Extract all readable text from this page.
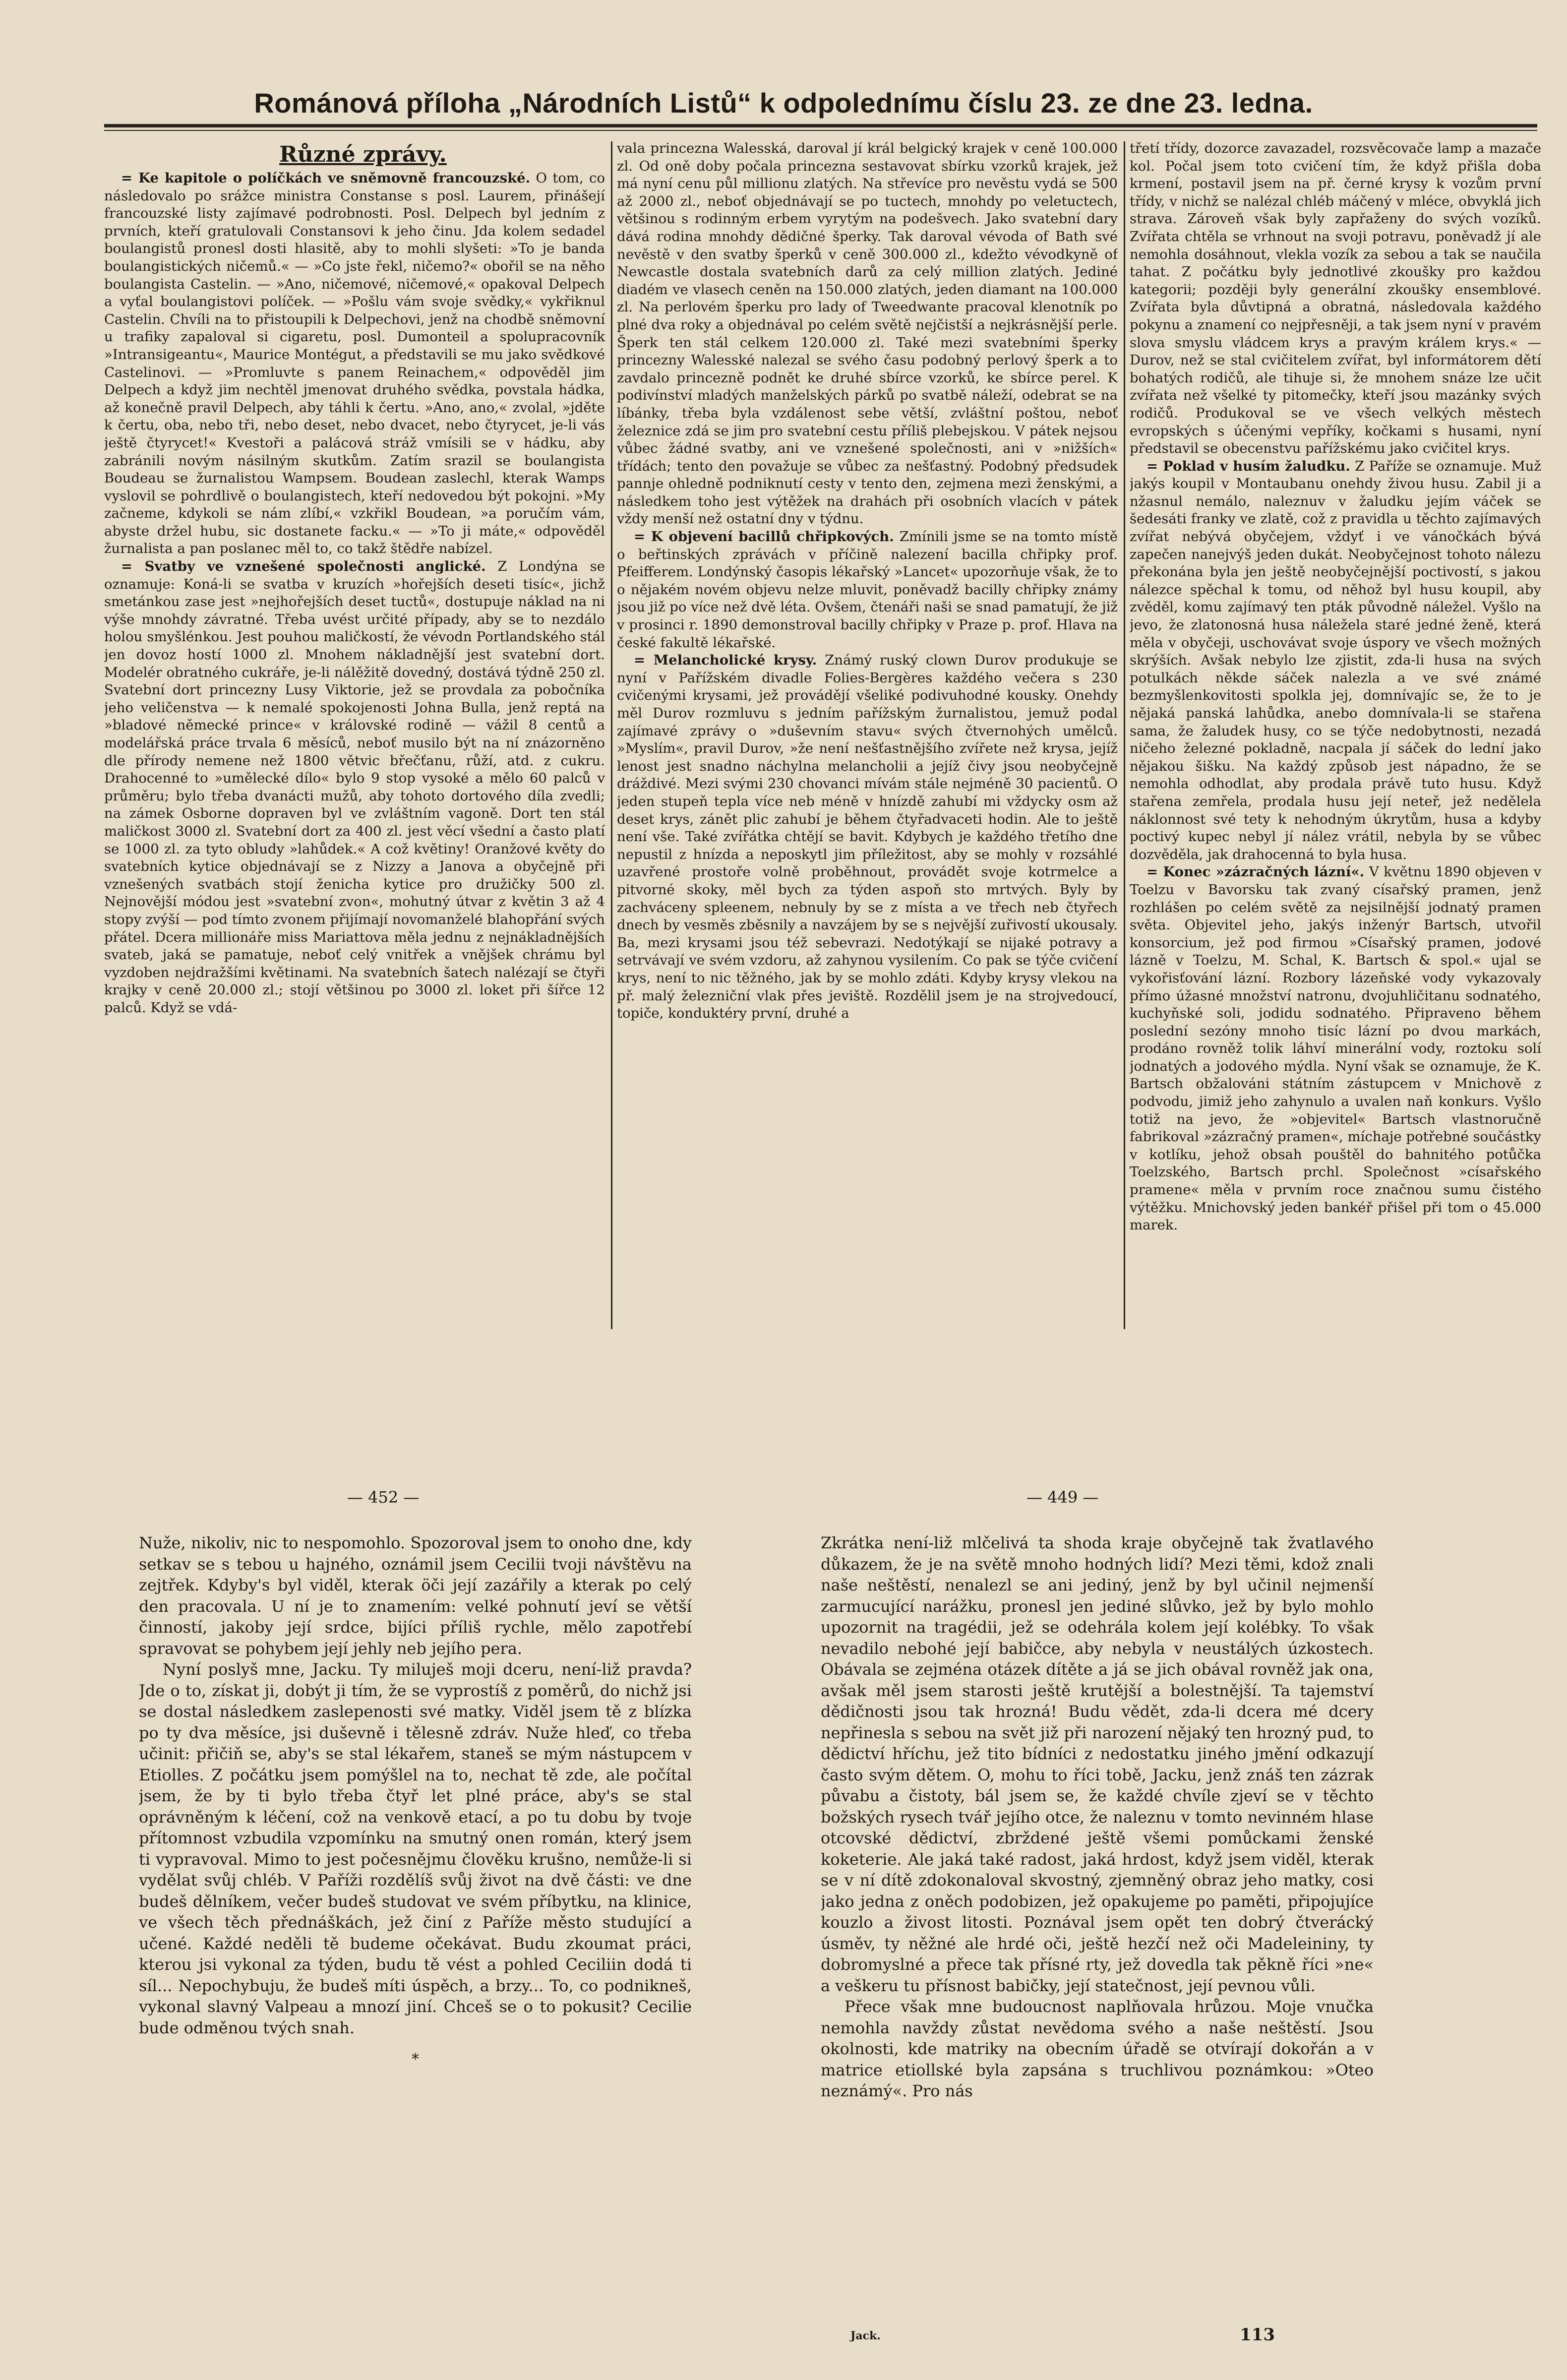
Románová příloha „Národních Listů“ k odpolednímu číslu 23. ze dne 23. ledna.

Různé zprávy.

= Ke kapitole o políčkách ve sněmovně francouzské. O tom, co následovalo po srážce ministra Constanse s posl. Laurem, přinášejí francouzské listy zajímavé podrobnosti. Posl. Delpech byl jedním z prvních, kteří gratulovali Constansovi k jeho činu. Jda kolem sedadel boulangistů pronesl dosti hlasitě, aby to mohli slyšeti: »To je banda boulangistických ničemů.« — »Co jste řekl, ničemo?« obořil se na něho boulangista Castelin. — »Ano, ničemové, ničemové,« opakoval Delpech a vyťal boulangistovi políček. — »Pošlu vám svoje svědky,« vykřiknul Castelin. Chvíli na to přistoupili k Delpechovi, jenž na chodbě sněmovní u trafiky zapaloval si cigaretu, posl. Dumonteil a spolupracovník »Intransigeantu«, Maurice Montégut, a představili se mu jako svědkové Castelinovi. — »Promluvte s panem Reinachem,« odpověděl jim Delpech a když jim nechtěl jmenovat druhého svědka, povstala hádka, až konečně pravil Delpech, aby táhli k čertu. »Ano, ano,« zvolal, »jděte k čertu, oba, nebo tři, nebo deset, nebo dvacet, nebo čtyrycet, je-li vás ještě čtyrycet!« Kvestoři a palácová stráž vmísili se v hádku, aby zabránili novým násilným skutkům. Zatím srazil se boulangista Boudeau se žurnalistou Wampsem. Boudean zaslechl, kterak Wamps vyslovil se pohrdlivě o boulangistech, kteří nedovedou být pokojni. »My začneme, kdykoli se nám zlíbí,« vzkřikl Boudean, »a poručím vám, abyste držel hubu, sic dostanete facku.« — »To ji máte,« odpověděl žurnalista a pan poslanec měl to, co takž štědře nabízel.

= Svatby ve vznešené společnosti anglické. Z Londýna se oznamuje: Koná-li se svatba v kruzích »hořejších deseti tisíc«, jichž smetánkou zase jest »nejhořejších deset tuctů«, dostupuje náklad na ni výše mnohdy závratné. Třeba uvést určité případy, aby se to nezdálo holou smyšlénkou. Jest pouhou maličkostí, že vévodn Portlandského stál jen dovoz hostí 1000 zl. Mnohem nákladnější jest svatební dort. Modelér obratného cukráře, je-li nálěžitě dovedný, dostává týdně 250 zl. Svatební dort princezny Lusy Viktorie, jež se provdala za pobočníka jeho veličenstva — k nemalé spokojenosti Johna Bulla, jenž reptá na »bladové německé prince« v královské rodině — vážil 8 centů a modelářská práce trvala 6 měsíců, neboť musilo být na ní znázorněno dle přírody nemene než 1800 větvic břečťanu, růží, atd. z cukru. Drahocenné to »umělecké dílo« bylo 9 stop vysoké a mělo 60 palců v průměru; bylo třeba dvanácti mužů, aby tohoto dortového díla zvedli; na zámek Osborne dopraven byl ve zvláštním vagoně. Dort ten stál maličkost 3000 zl. Svatební dort za 400 zl. jest věcí všední a často platí se 1000 zl. za tyto obludy »lahůdek.« A což květiny! Oranžové květy do svatebních kytice objednávají se z Nizzy a Janova a obyčejně při vznešených svatbách stojí ženicha kytice pro družičky 500 zl. Nejnovější módou jest »svatební zvon«, mohutný útvar z květin 3 až 4 stopy zvýší — pod tímto zvonem přijímají novomanželé blahopřání svých přátel. Dcera millionáře miss Mariattova měla jednu z nejnákladnějších svateb, jaká se pamatuje, neboť celý vnitřek a vnějšek chrámu byl vyzdoben nejdražšími květinami. Na svatebních šatech nalézají se čtyři krajky v ceně 20.000 zl.; stojí většinou po 3000 zl. loket při šířce 12 palců. Když se vdá-

vala princezna Walesská, daroval jí král belgický krajek v ceně 100.000 zl. Od oně doby počala princezna sestavovat sbírku vzorků krajek, jež má nyní cenu půl millionu zlatých. Na střevíce pro nevěstu vydá se 500 až 2000 zl., neboť objednávají se po tuctech, mnohdy po veletuctech, většinou s rodinným erbem vyrytým na podešvech. Jako svatební dary dává rodina mnohdy dědičné šperky. Tak daroval vévoda of Bath své nevěstě v den svatby šperků v ceně 300.000 zl., kdežto vévodkyně of Newcastle dostala svatebních darů za celý million zlatých. Jediné diadém ve vlasech ceněn na 150.000 zlatých, jeden diamant na 100.000 zl. Na perlovém šperku pro lady of Tweedwante pracoval klenotník po plné dva roky a objednával po celém světě nejčistší a nejkrásnější perle. Šperk ten stál celkem 120.000 zl. Také mezi svatebními šperky princezny Walesské nalezal se svého času podobný perlový šperk a to zavdalo princezně podnět ke druhé sbírce vzorků, ke sbírce perel. K podivínství mladých manželských párků po svatbě náleží, odebrat se na líbánky, třeba byla vzdálenost sebe větší, zvláštní poštou, neboť železnice zdá se jim pro svatební cestu příliš plebejskou. V pátek nejsou vůbec žádné svatby, ani ve vznešené společnosti, ani v »nižších« třídách; tento den považuje se vůbec za nešťastný. Podobný předsudek pannje ohledně podniknutí cesty v tento den, zejmena mezi ženskými, a následkem toho jest výtěžek na drahách při osobních vlacích v pátek vždy menší než ostatní dny v týdnu.

= K objevení bacillů chřipkových. Zmínili jsme se na tomto místě o beřtinských zprávách v příčině nalezení bacilla chřipky prof. Pfeifferem. Londýnský časopis lékařský »Lancet« upozorňuje však, že to o nějakém novém objevu nelze mluvit, poněvadž bacilly chřipky známy jsou již po více než dvě léta. Ovšem, čtenáři naši se snad pamatují, že již v prosinci r. 1890 demonstroval bacilly chřipky v Praze p. prof. Hlava na české fakultě lékařské.

= Melancholické krysy. Známý ruský clown Durov produkuje se nyní v Pařížském divadle Folies-Bergères každého večera s 230 cvičenými krysami, jež provádějí všeliké podivuhodné kousky. Onehdy měl Durov rozmluvu s jedním pařížským žurnalistou, jemuž podal zajímavé zprávy o »duševním stavu« svých čtvernohých umělců. »Myslím«, pravil Durov, »že není nešťastnějšího zvířete než krysa, jejíž lenost jest snadno náchylna melancholii a jejíž čivy jsou neobyčejně dráždivé. Mezi svými 230 chovanci mívám stále nejméně 30 pacientů. O jeden stupeň tepla více neb méně v hnízdě zahubí mi vždycky osm až deset krys, zánět plic zahubí je během čtyřadvaceti hodin. Ale to ještě není vše. Také zvířátka chtějí se bavit. Kdybych je každého třetího dne nepustil z hnízda a neposkytl jim příležitost, aby se mohly v rozsáhlé uzavřené prostoře volně proběhnout, provádět svoje kotrmelce a pitvorné skoky, měl bych za týden aspoň sto mrtvých. Byly by zachváceny spleenem, nebnuly by se z místa a ve třech neb čtyřech dnech by vesměs zběsnily a navzájem by se s nejvější zuřivostí ukousaly. Ba, mezi krysami jsou též sebevrazi. Nedotýkají se nijaké potravy a setrvávají ve svém vzdoru, až zahynou vysilením. Co pak se týče cvičení krys, není to nic těžného, jak by se mohlo zdáti. Kdyby krysy vlekou na př. malý železniční vlak přes jeviště. Rozdělil jsem je na strojvedoucí, topiče, konduktéry první, druhé a

třetí třídy, dozorce zavazadel, rozsvěcovače lamp a mazače kol. Počal jsem toto cvičení tím, že když přišla doba krmení, postavil jsem na př. černé krysy k vozům první třídy, v nichž se nalézal chléb máčený v mléce, obvyklá jich strava. Zároveň však byly zapřaženy do svých vozíků. Zvířata chtěla se vrhnout na svoji potravu, poněvadž jí ale nemohla dosáhnout, vlekla vozík za sebou a tak se naučila tahat. Z počátku byly jednotlivé zkoušky pro každou kategorii; později byly generální zkoušky ensemblové. Zvířata byla důvtipná a obratná, následovala každého pokynu a znamení co nejpřesněji, a tak jsem nyní v pravém slova smyslu vládcem krys a pravým králem krys.« — Durov, než se stal cvičitelem zvířat, byl informátorem dětí bohatých rodičů, ale tihuje si, že mnohem snáze lze učit zvířata než všelké ty pitomečky, kteří jsou mazánky svých rodičů. Produkoval se ve všech velkých městech evropských s účenými vepříky, kočkami s husami, nyní představil se obecenstvu pařížskému jako cvičitel krys.

= Poklad v husím žaludku. Z Paříže se oznamuje. Muž jakýs koupil v Montaubanu onehdy živou husu. Zabil ji a nžasnul nemálo, naleznuv v žaludku jejím váček se šedesáti franky ve zlatě, což z pravidla u těchto zajímavých zvířat nebývá obyčejem, vždyť i ve vánočkách bývá zapečen nanejvýš jeden dukát. Neobyčejnost tohoto nálezu překonána byla jen ještě neobyčejnější poctivostí, s jakou nálezce spěchal k tomu, od něhož byl husu koupil, aby zvěděl, komu zajímavý ten pták původně náležel. Vyšlo na jevo, že zlatonosná husa náležela staré jedné ženě, která měla v obyčeji, uschovávat svoje úspory ve všech možných skrýších. Avšak nebylo lze zjistit, zda-li husa na svých potulkách někde sáček nalezla a ve své známé bezmyšlenkovitosti spolkla jej, domnívajíc se, že to je nějaká panská lahůdka, anebo domnívala-li se stařena sama, že žaludek husy, co se týče nedobytnosti, nezadá ničeho železné pokladně, nacpala jí sáček do lední jako nějakou šišku. Na každý způsob jest nápadno, že se nemohla odhodlat, aby prodala právě tuto husu. Když stařena zemřela, prodala husu její neteř, jež nedělela náklonnost své tety k nehodným úkrytům, husa a kdyby poctivý kupec nebyl jí nález vrátil, nebyla by se vůbec dozvěděla, jak drahocenná to byla husa.

= Konec »zázračných lázní«. V květnu 1890 objeven v Toelzu v Bavorsku tak zvaný císařský pramen, jenž rozhlášen po celém světě za nejsilnější jodnatý pramen světa. Objevitel jeho, jakýs inženýr Bartsch, utvořil konsorcium, jež pod firmou »Císařský pramen, jodové lázně v Toelzu, M. Schal, K. Bartsch & spol.« ujal se vykořisťování lázní. Rozbory lázeňské vody vykazovaly přímo úžasné množství natronu, dvojuhličitanu sodnatého, kuchyňské soli, jodidu sodnatého. Připraveno během poslední sezóny mnoho tisíc lázní po dvou markách, prodáno rovněž tolik láhví minerální vody, roztoku solí jodnatých a jodového mýdla. Nyní však se oznamuje, že K. Bartsch obžalováni státním zástupcem v Mnichově z podvodu, jimiž jeho zahynulo a uvalen naň konkurs. Vyšlo totiž na jevo, že »objevitel« Bartsch vlastnoručně fabrikoval »zázračný pramen«, míchaje potřebné součástky v kotlíku, jehož obsah pouštěl do bahnitého potůčka Toelzského, Bartsch prchl. Společnost »císařského pramene« měla v prvním roce značnou sumu čistého výtěžku. Mnichovský jeden bankéř přišel při tom o 45.000 marek.

— 452 —	— 449 —

Nuže, nikoliv, nic to nespomohlo. Spozoroval jsem to onoho dne, kdy setkav se s tebou u hajného, oznámil jsem Cecilii tvoji návštěvu na zejtřek. Kdyby's byl viděl, kterak öči její zazářily a kterak po celý den pracovala. U ní je to znamením: velké pohnutí jeví se větší činností, jakoby její srdce, bijíci příliš rychle, mělo zapotřebí spravovat se pohybem její jehly neb jejího pera.

Nyní poslyš mne, Jacku. Ty miluješ moji dceru, není-liž pravda? Jde o to, získat ji, dobýt ji tím, že se vyprostíš z poměrů, do nichž jsi se dostal následkem zaslepenosti své matky. Viděl jsem tě z blízka po ty dva měsíce, jsi duševně i tělesně zdráv. Nuže hleď, co třeba učinit: přičiň se, aby's se stal lékařem, staneš se mým nástupcem v Etiolles. Z počátku jsem pomýšlel na to, nechat tě zde, ale počítal jsem, že by ti bylo třeba čtyř let plné práce, aby's se stal oprávněným k léčení, což na venkově etací, a po tu dobu by tvoje přítomnost vzbudila vzpomínku na smutný onen román, který jsem ti vypravoval. Mimo to jest počesnějmu člověku krušno, nemůže-li si vydělat svůj chléb. V Paříži rozdělíš svůj život na dvě části: ve dne budeš dělníkem, večer budeš studovat ve svém příbytku, na klinice, ve všech těch přednáškách, jež činí z Paříže město studující a učené. Každé neděli tě budeme očekávat. Budu zkoumat práci, kterou jsi vykonal za týden, budu tě vést a pohled Ceciliin dodá ti síl... Nepochybuju, že budeš míti úspěch, a brzy... To, co podnikneš, vykonal slavný Valpeau a mnozí jiní. Chceš se o to pokusit? Cecilie bude odměnou tvých snah.

*

Zkrátka není-liž mlčelivá ta shoda kraje obyčejně tak žvatlavého důkazem, že je na světě mnoho hodných lidí? Mezi těmi, kdož znali naše neštěstí, nenalezl se ani jediný, jenž by byl učinil nejmenší zarmucující narážku, pronesl jen jediné slůvko, jež by bylo mohlo upozornit na tragédii, jež se odehrála kolem její kolébky. To však nevadilo nebohé její babičce, aby nebyla v neustálých úzkostech. Obávala se zejména otázek dítěte a já se jich obával rovněž jak ona, avšak měl jsem starosti ještě krutější a bolestnější. Ta tajemství dědičnosti jsou tak hrozná! Budu vědět, zda-li dcera mé dcery nepřinesla s sebou na svět již při narození nějaký ten hrozný pud, to dědictví hříchu, jež tito bídníci z nedostatku jiného jmění odkazují často svým dětem. O, mohu to říci tobě, Jacku, jenž znáš ten zázrak půvabu a čistoty, bál jsem se, že každé chvíle zjeví se v těchto božských rysech tvář jejího otce, že naleznu v tomto nevinném hlase otcovské dědictví, zbrždené ještě všemi pomůckami ženské koketerie. Ale jaká také radost, jaká hrdost, když jsem viděl, kterak se v ní dítě zdokonaloval skvostný, zjemněný obraz jeho matky, cosi jako jedna z oněch podobizen, jež opakujeme po paměti, připojujíce kouzlo a živost litosti. Poznával jsem opět ten dobrý čtverácký úsměv, ty něžné ale hrdé oči, ještě hezčí než oči Madeleininy, ty dobromyslné a přece tak přísné rty, jež dovedla tak pěkně říci »ne« a veškeru tu přísnost babičky, její statečnost, její pevnou vůli.

Přece však mne budoucnost naplňovala hrůzou. Moje vnučka nemohla navždy zůstat nevědoma svého a naše neštěstí. Jsou okolnosti, kde matriky na obecním úřadě se otvírají dokořán a v matrice etiollské byla zapsána s truchlivou poznámkou: »Oteo neznámý«. Pro nás

Jack.	113
